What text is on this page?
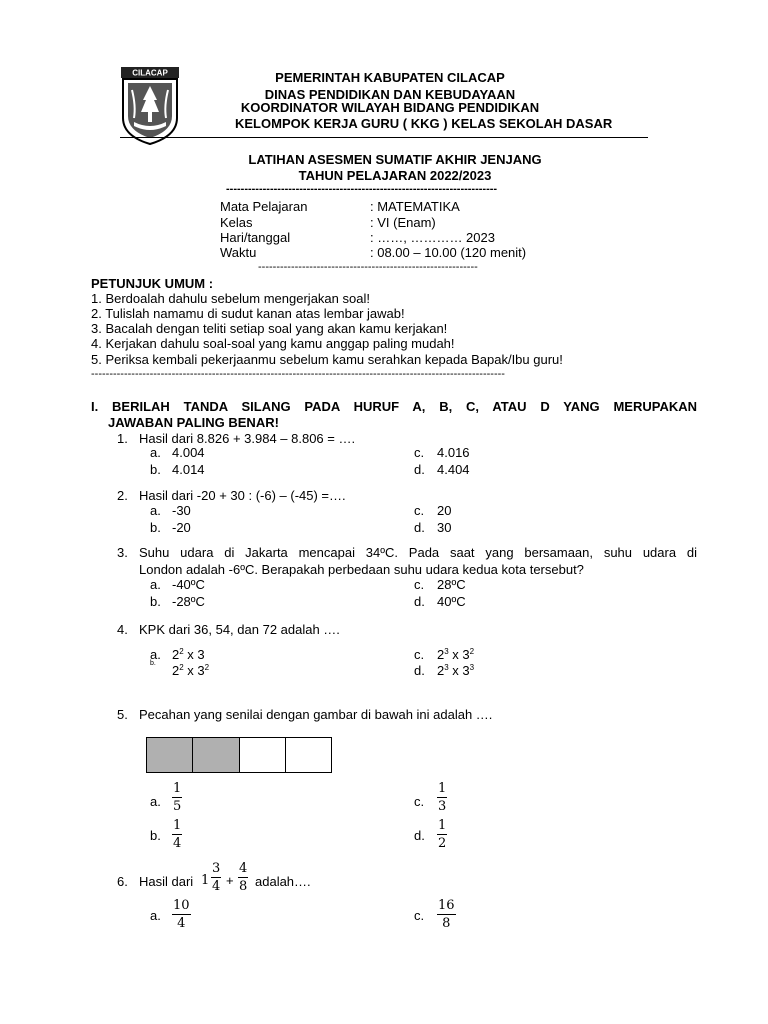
CILACAP	PEMERINTAH KABUPATEN CILACAP
DINAS PENDIDIKAN DAN KEBUDAYAAN
KOORDINATOR WILAYAH BIDANG PENDIDIKAN
KELOMPOK KERJA GURU ( KKG ) KELAS SEKOLAH DASAR
LATIHAN ASESMEN SUMATIF AKHIR JENJANG
TAHUN PELAJARAN 2022/2023
--------------------------------------------------------------------------
Mata Pelajaran	: MATEMATIKA
Kelas	: VI (Enam)
Hari/tanggal	: ……, ………… 2023
Waktu	: 08.00 – 10.00 (120 menit)
------------------------------------------------------------
PETUNJUK UMUM :
1. Berdoalah dahulu sebelum mengerjakan soal!
2. Tulislah namamu di sudut kanan atas lembar jawab!
3. Bacalah dengan teliti setiap soal yang akan kamu kerjakan!
4. Kerjakan dahulu soal-soal yang kamu anggap paling mudah!
5. Periksa kembali pekerjaanmu sebelum kamu serahkan kepada Bapak/Ibu guru!
-----------------------------------------------------------------------------------------------------------------
I. BERILAH TANDA SILANG PADA HURUF A, B, C, ATAU D YANG MERUPAKAN
JAWABAN PALING BENAR!
1. Hasil dari 8.826 + 3.984 – 8.806 = ….
a. 4.004	c. 4.016
b. 4.014	d. 4.404
2. Hasil dari -20 + 30 : (-6) – (-45) =….
a. -30	c. 20
b. -20	d. 30
3. Suhu udara di Jakarta mencapai 34ºC. Pada saat yang bersamaan, suhu udara di
London adalah -6ºC. Berapakah perbedaan suhu udara kedua kota tersebut?
a. -40ºC	c. 28ºC
b. -28ºC	d. 40ºC
4. KPK dari 36, 54, dan 72 adalah ….
a. $2^2$ x 3	c. $2^3$ x $3^2$
b. $2^2$ x $3^2$	d. $2^3$ x $3^3$
5. Pecahan yang senilai dengan gambar di bawah ini adalah ….
a. $\frac{1}{5}$	c. $\frac{1}{3}$
b. $\frac{1}{4}$	d. $\frac{1}{2}$
6. Hasil dari $1 \frac{3}{4} + \frac{4}{8}$ adalah….
a. $\frac{10}{4}$	c. $\frac{16}{8}$
